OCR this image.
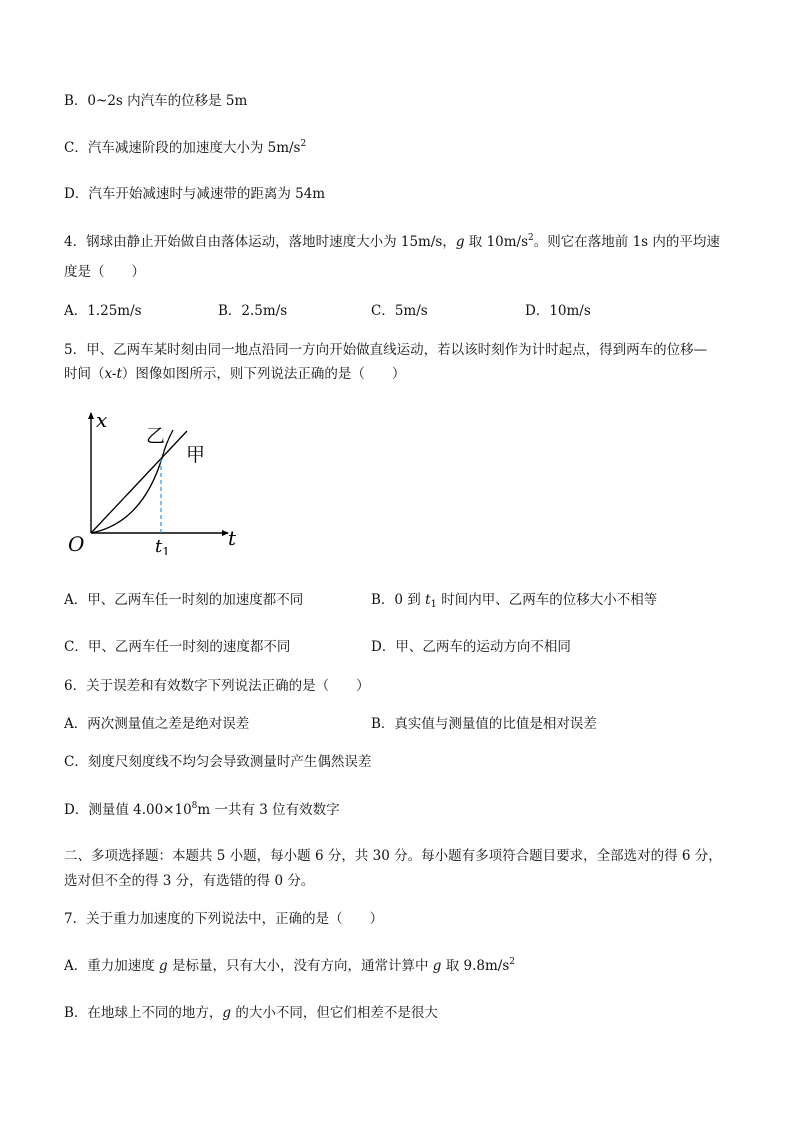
B．0~2s 内汽车的位移是 5m
C．汽车减速阶段的加速度大小为 $5m/s^2$
D．汽车开始减速时与减速带的距离为 54m
4．钢球由静止开始做自由落体运动，落地时速度大小为 15m/s，g 取 $10m/s^2$。则它在落地前 1s 内的平均速
度是（　　）
A．1.25m/s	B．2.5m/s	C．5m/s	D．10m/s
5．甲、乙两车某时刻由同一地点沿同一方向开始做直线运动，若以该时刻作为计时起点，得到两车的位移—
时间（x-t）图像如图所示，则下列说法正确的是（　　）
x
t
O	$t_1$
乙
甲
A．甲、乙两车任一时刻的加速度都不同	B．0 到 $t_1$ 时间内甲、乙两车的位移大小不相等
C．甲、乙两车任一时刻的速度都不同	D．甲、乙两车的运动方向不相同
6．关于误差和有效数字下列说法正确的是（　　）
A．两次测量值之差是绝对误差	B．真实值与测量值的比值是相对误差
C．刻度尺刻度线不均匀会导致测量时产生偶然误差
D．测量值 $4.00\times 10^8m$ 一共有 3 位有效数字
二、多项选择题：本题共 5 小题，每小题 6 分，共 30 分。每小题有多项符合题目要求，全部选对的得 6 分，
选对但不全的得 3 分，有选错的得 0 分。
7．关于重力加速度的下列说法中，正确的是（　　）
A．重力加速度 g 是标量，只有大小，没有方向，通常计算中 g 取 $9.8m/s^2$
B．在地球上不同的地方，g 的大小不同，但它们相差不是很大
